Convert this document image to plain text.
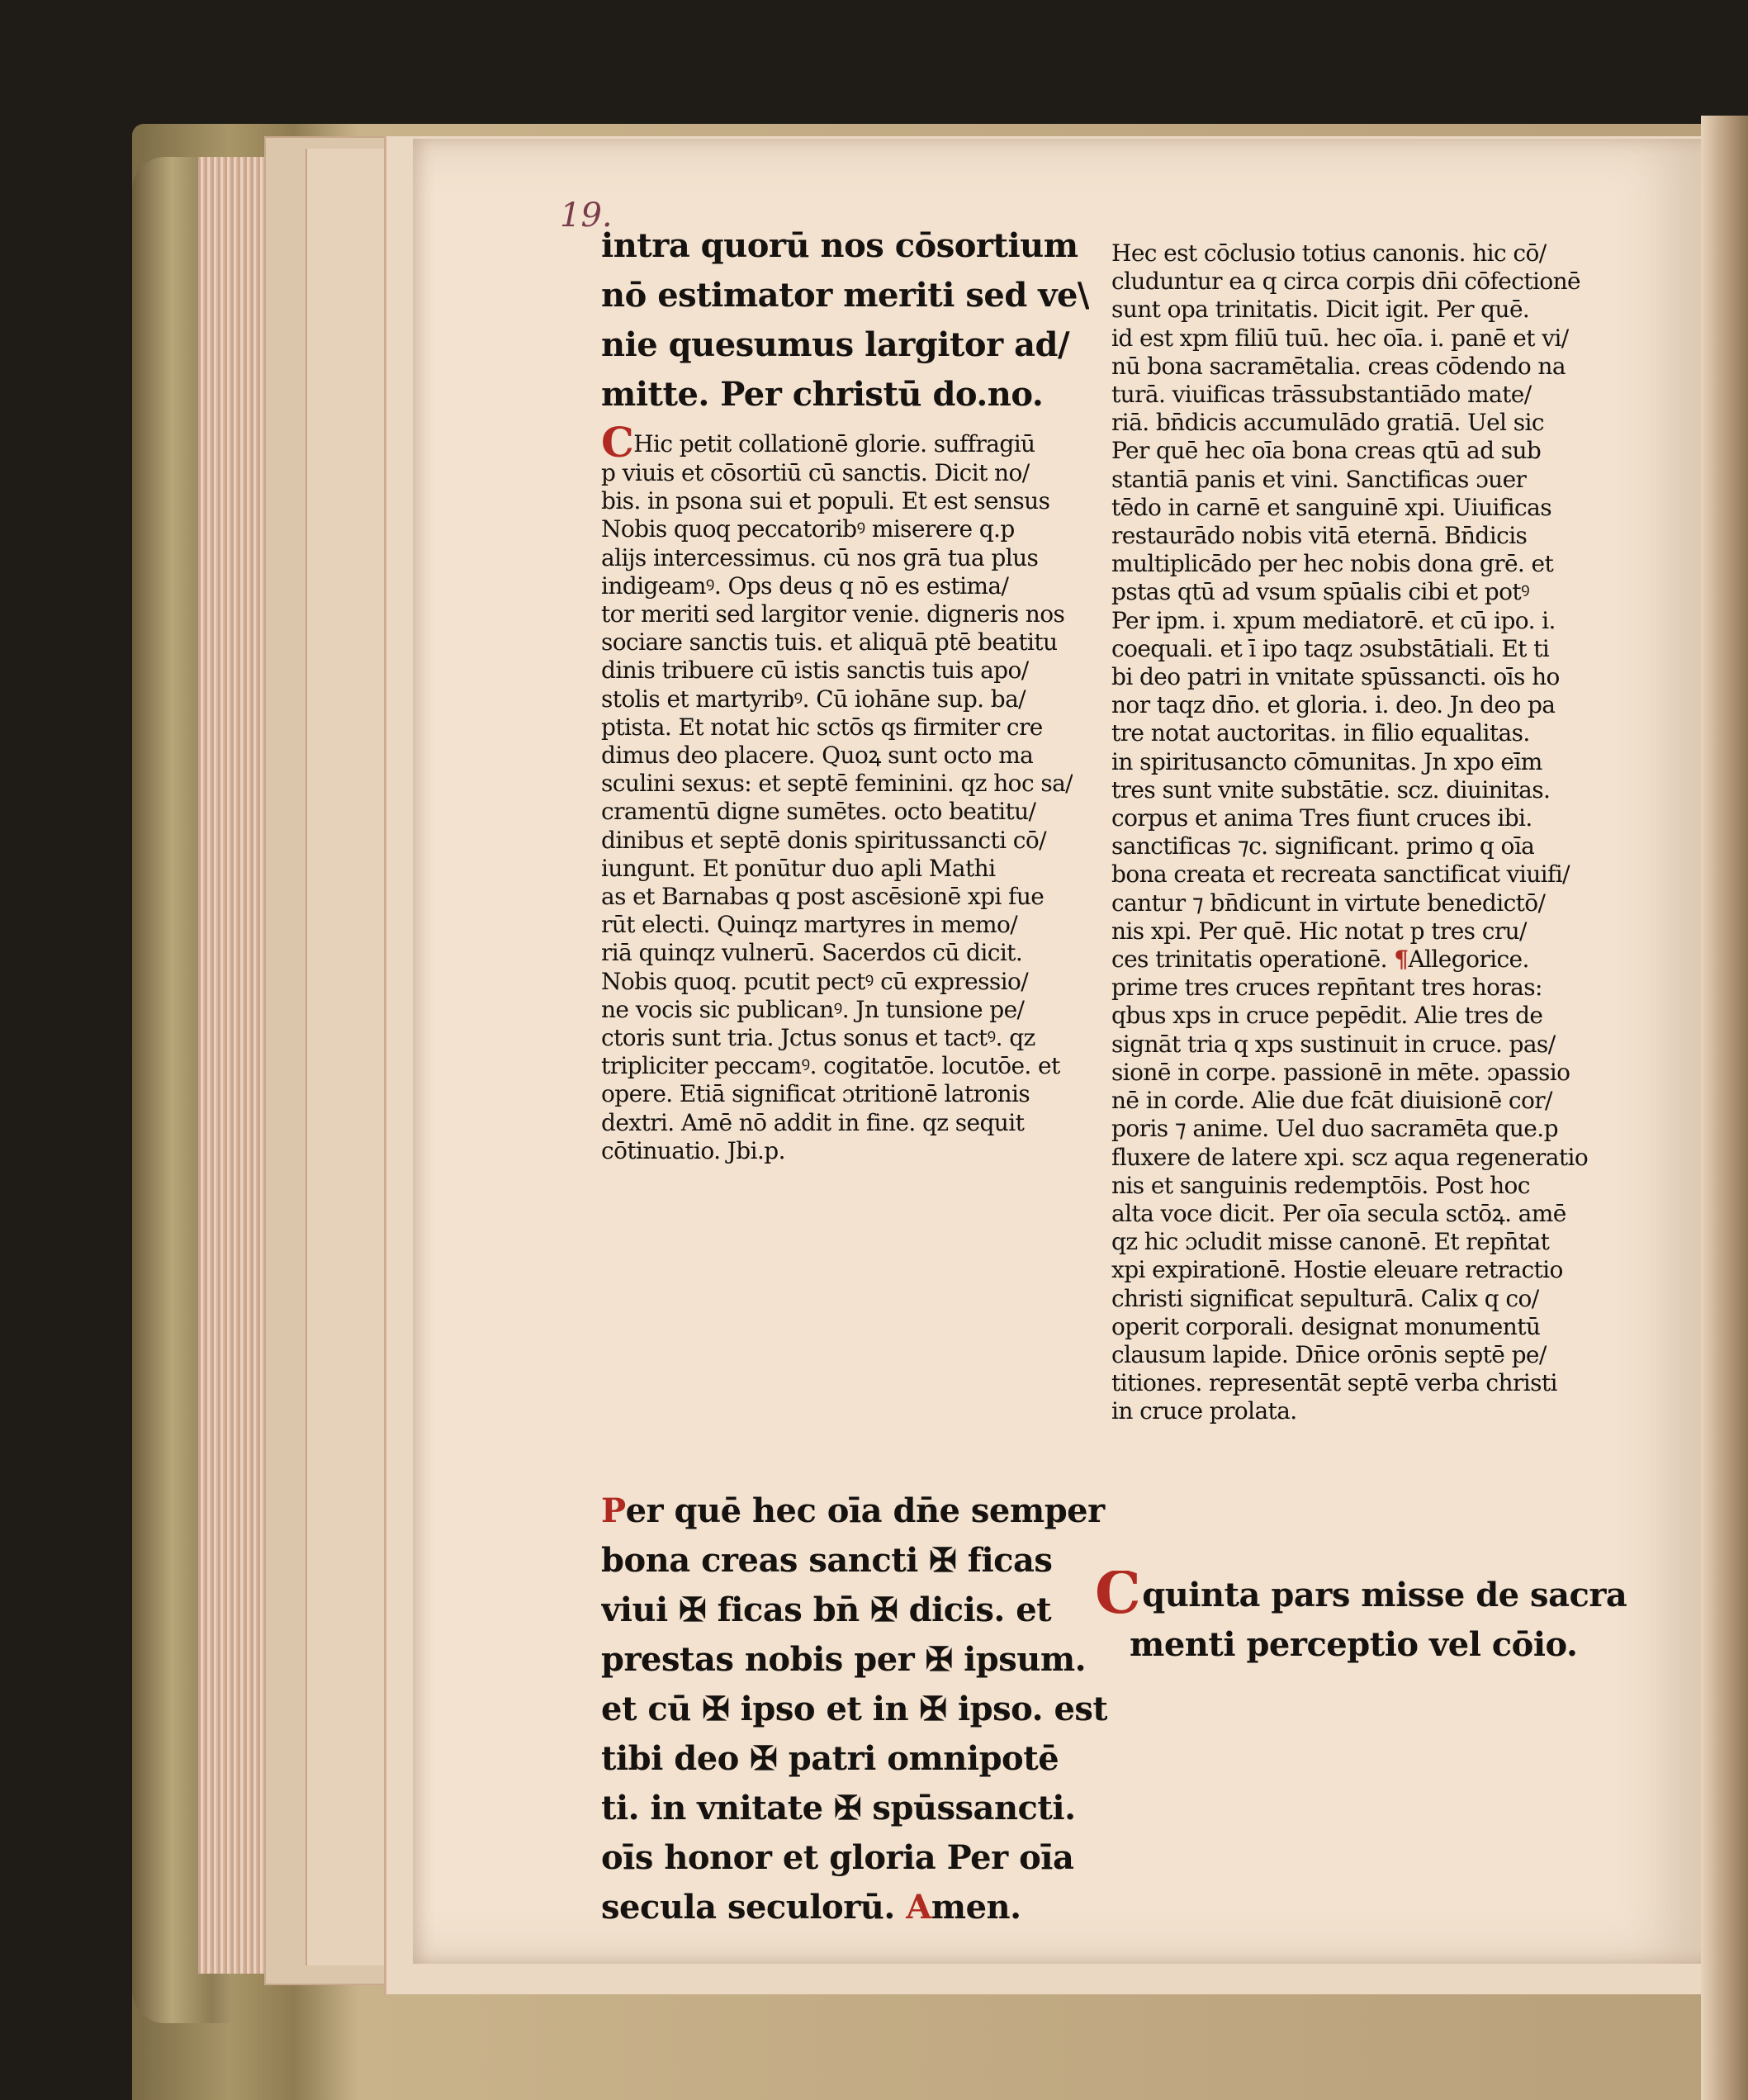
19.
intra quorū nos cōsortium
nō estimator meriti sed ve\
nie quesumus largitor ad/
mitte. Per christū do.no.
CHic petit collationē glorie. suffragiū
p viuis et cōsortiū cū sanctis. Dicit no/
bis. in psona sui et populi. Et est sensus
Nobis quoq peccatoribꝰ miserere q.p
alijs intercessimus. cū nos grā tua plus
indigeamꝰ. Ops deus q nō es estima/
tor meriti sed largitor venie. digneris nos
sociare sanctis tuis. et aliquā ptē beatitu
dinis tribuere cū istis sanctis tuis apo/
stolis et martyribꝰ. Cū iohāne sup. ba/
ptista. Et notat hic sctōs qs firmiter cre
dimus deo placere. Quoꝝ sunt octo ma
sculini sexus: et septē feminini. qz hoc sa/
cramentū digne sumētes. octo beatitu/
dinibus et septē donis spiritussancti cō/
iungunt. Et ponūtur duo apli Mathi
as et Barnabas q post ascēsionē xpi fue
rūt electi. Quinqz martyres in memo/
riā quinqz vulnerū. Sacerdos cū dicit.
Nobis quoq. pcutit pectꝰ cū expressio/
ne vocis sic publicanꝰ. Jn tunsione pe/
ctoris sunt tria. Jctus sonus et tactꝰ. qz
tripliciter peccamꝰ. cogitatōe. locutōe. et
opere. Etiā significat ɔtritionē latronis
dextri. Amē nō addit in fine. qz sequit
cōtinuatio. Jbi.p.
Per quē hec oīa dn̄e semper
bona creas sancti ✠ ficas
viui ✠ ficas bn̄ ✠ dicis. et
prestas nobis per ✠ ipsum.
et cū ✠ ipso et in ✠ ipso. est
tibi deo ✠ patri omnipotē
ti. in vnitate ✠ spūssancti.
oīs honor et gloria Per oīa
secula seculorū. Amen.
Hec est cōclusio totius canonis. hic cō/
cluduntur ea q circa corpis dn̄i cōfectionē
sunt opa trinitatis. Dicit igit. Per quē.
id est xpm filiū tuū. hec oīa. i. panē et vi/
nū bona sacramētalia. creas cōdendo na
turā. viuificas trāssubstantiādo mate/
riā. bn̄dicis accumulādo gratiā. Uel sic
Per quē hec oīa bona creas qtū ad sub
stantiā panis et vini. Sanctificas ɔuer
tēdo in carnē et sanguinē xpi. Uiuificas
restaurādo nobis vitā eternā. Bn̄dicis
multiplicādo per hec nobis dona grē. et
pstas qtū ad vsum spūalis cibi et potꝰ
Per ipm. i. xpum mediatorē. et cū ipo. i.
coequali. et ī ipo taqz ɔsubstātiali. Et ti
bi deo patri in vnitate spūssancti. oīs ho
nor taqz dn̄o. et gloria. i. deo. Jn deo pa
tre notat auctoritas. in filio equalitas.
in spiritusancto cōmunitas. Jn xpo eīm
tres sunt vnite substātie. scz. diuinitas.
corpus et anima Tres fiunt cruces ibi.
sanctificas ⁊c. significant. primo q oīa
bona creata et recreata sanctificat viuifi/
cantur ⁊ bn̄dicunt in virtute benedictō/
nis xpi. Per quē. Hic notat p tres cru/
ces trinitatis operationē. ¶Allegorice.
prime tres cruces repn̄tant tres horas:
qbus xps in cruce pepēdit. Alie tres de
signāt tria q xps sustinuit in cruce. pas/
sionē in corpe. passionē in mēte. ɔpassio
nē in corde. Alie due fcāt diuisionē cor/
poris ⁊ anime. Uel duo sacramēta que.p
fluxere de latere xpi. scz aqua regeneratio
nis et sanguinis redemptōis. Post hoc
alta voce dicit. Per oīa secula sctōꝝ. amē
qz hic ɔcludit misse canonē. Et repn̄tat
xpi expirationē. Hostie eleuare retractio
christi significat sepulturā. Calix q co/
operit corporali. designat monumentū
clausum lapide. Dn̄ice orōnis septē pe/
titiones. representāt septē verba christi
in cruce prolata.
Cquinta pars misse de sacra
menti perceptio vel cōio.
